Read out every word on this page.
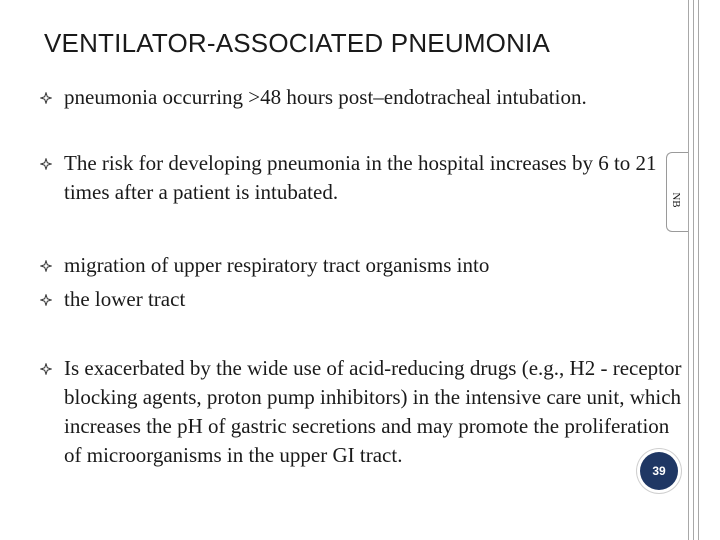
NB
VENTILATOR-ASSOCIATED PNEUMONIA
pneumonia occurring >48 hours post–endotracheal intubation.
The risk for developing pneumonia in the hospital increases by 6 to 21 times after a patient is intubated.
migration of upper respiratory tract organisms into
the lower tract
Is exacerbated by the wide use of acid-reducing drugs (e.g., H2 - receptor blocking agents, proton pump inhibitors) in the intensive care unit, which increases the pH of gastric secretions and may promote the proliferation of microorganisms in the upper GI tract.
39
